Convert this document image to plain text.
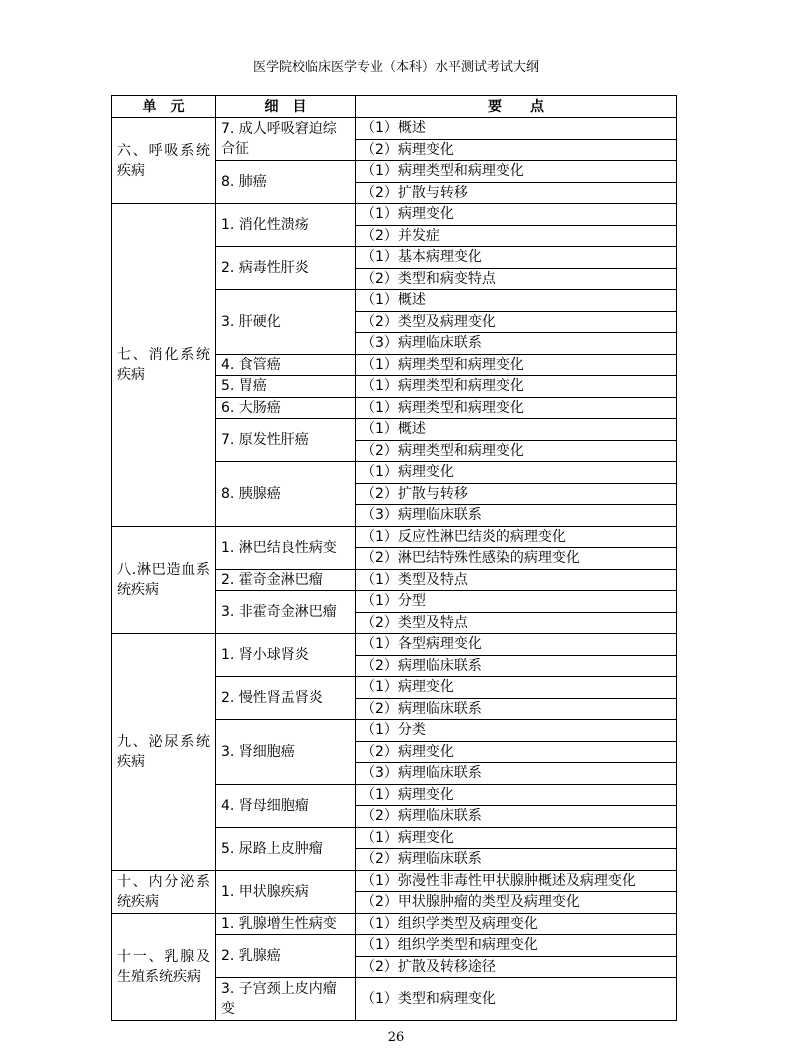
医学院校临床医学专业（本科）水平测试考试大纲
单　元	细　目	要　　点
六、呼吸系统疾病	7. 成人呼吸窘迫综合征	（1）概述
		（2）病理变化
	8. 肺癌	（1）病理类型和病理变化
		（2）扩散与转移
七、消化系统疾病	1. 消化性溃疡	（1）病理变化
		（2）并发症
	2. 病毒性肝炎	（1）基本病理变化
		（2）类型和病变特点
	3. 肝硬化	（1）概述
		（2）类型及病理变化
		（3）病理临床联系
	4. 食管癌	（1）病理类型和病理变化
	5. 胃癌	（1）病理类型和病理变化
	6. 大肠癌	（1）病理类型和病理变化
	7. 原发性肝癌	（1）概述
		（2）病理类型和病理变化
	8. 胰腺癌	（1）病理变化
		（2）扩散与转移
		（3）病理临床联系
八.淋巴造血系统疾病	1. 淋巴结良性病变	（1）反应性淋巴结炎的病理变化
		（2）淋巴结特殊性感染的病理变化
	2. 霍奇金淋巴瘤	（1）类型及特点
	3. 非霍奇金淋巴瘤	（1）分型
		（2）类型及特点
九、泌尿系统疾病	1. 肾小球肾炎	（1）各型病理变化
		（2）病理临床联系
	2. 慢性肾盂肾炎	（1）病理变化
		（2）病理临床联系
	3. 肾细胞癌	（1）分类
		（2）病理变化
		（3）病理临床联系
	4. 肾母细胞瘤	（1）病理变化
		（2）病理临床联系
	5. 尿路上皮肿瘤	（1）病理变化
		（2）病理临床联系
十、内分泌系统疾病	1. 甲状腺疾病	（1）弥漫性非毒性甲状腺肿概述及病理变化
		（2）甲状腺肿瘤的类型及病理变化
十一、乳腺及生殖系统疾病	1. 乳腺增生性病变	（1）组织学类型及病理变化
	2. 乳腺癌	（1）组织学类型和病理变化
		（2）扩散及转移途径
	3. 子宫颈上皮内瘤变	（1）类型和病理变化
26
